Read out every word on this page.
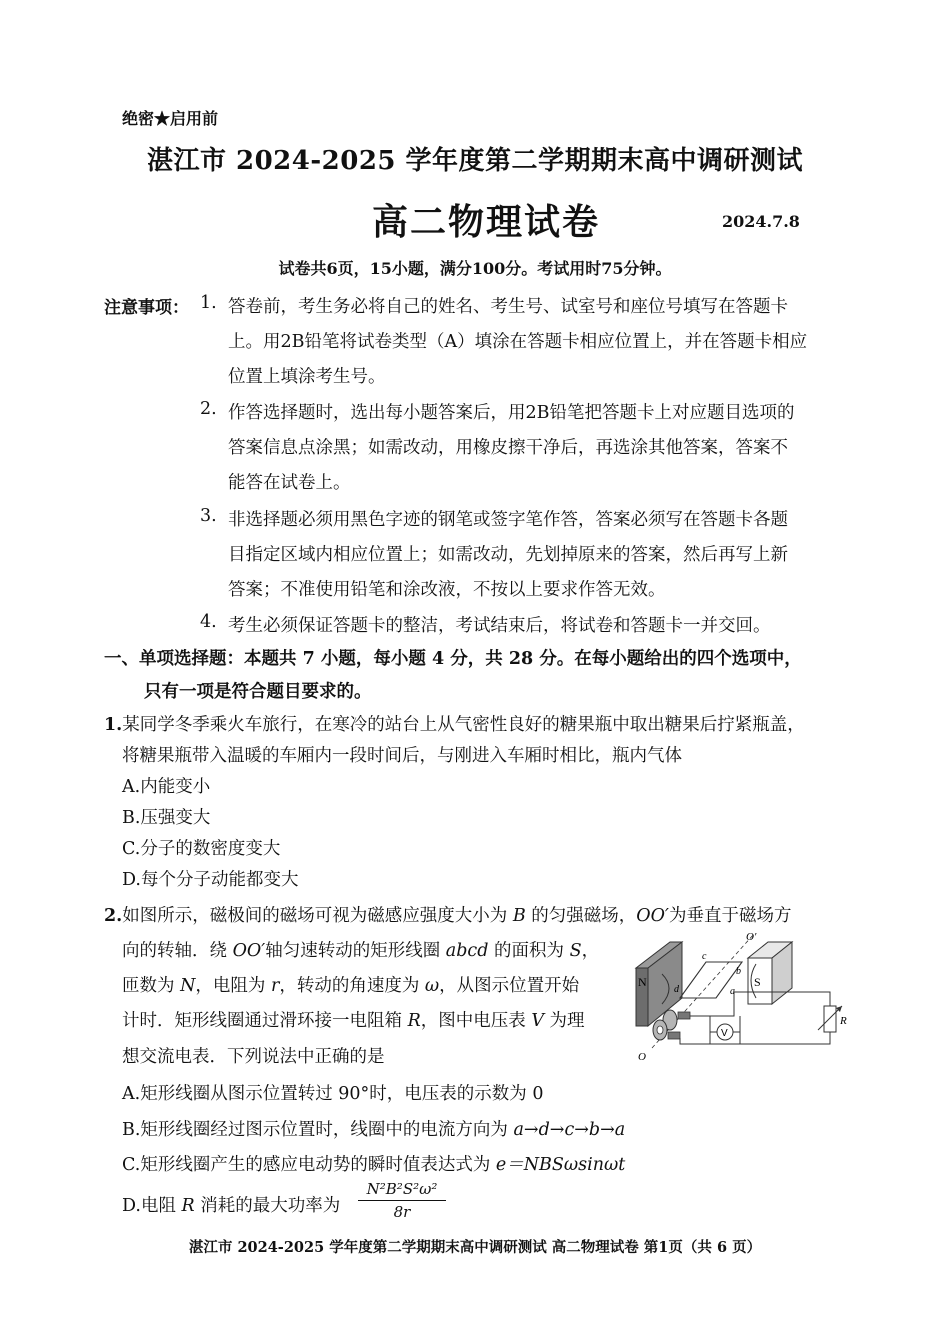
绝密★启用前
湛江市 2024-2025 学年度第二学期期末高中调研测试
高二物理试卷	2024.7.8
试卷共6页，15小题，满分100分。考试用时75分钟。
注意事项： 1. 答卷前，考生务必将自己的姓名、考生号、试室号和座位号填写在答题卡
上。用2B铅笔将试卷类型（A）填涂在答题卡相应位置上，并在答题卡相应
位置上填涂考生号。
2. 作答选择题时，选出每小题答案后，用2B铅笔把答题卡上对应题目选项的
答案信息点涂黑；如需改动，用橡皮擦干净后，再选涂其他答案，答案不
能答在试卷上。
3. 非选择题必须用黑色字迹的钢笔或签字笔作答，答案必须写在答题卡各题
目指定区域内相应位置上；如需改动，先划掉原来的答案，然后再写上新
答案；不准使用铅笔和涂改液，不按以上要求作答无效。
4. 考生必须保证答题卡的整洁，考试结束后，将试卷和答题卡一并交回。
一、单项选择题：本题共 7 小题，每小题 4 分，共 28 分。在每小题给出的四个选项中，
只有一项是符合题目要求的。
1.某同学冬季乘火车旅行，在寒冷的站台上从气密性良好的糖果瓶中取出糖果后拧紧瓶盖，
将糖果瓶带入温暖的车厢内一段时间后，与刚进入车厢时相比，瓶内气体
A.内能变小
B.压强变大
C.分子的数密度变大
D.每个分子动能都变大
2.如图所示，磁极间的磁场可视为磁感应强度大小为 B 的匀强磁场，OO′为垂直于磁场方
向的转轴．绕 OO′轴匀速转动的矩形线圈 abcd 的面积为 S，
匝数为 N，电阻为 r，转动的角速度为 ω，从图示位置开始
计时．矩形线圈通过滑环接一电阻箱 R，图中电压表 V 为理
想交流电表．下列说法中正确的是
A.矩形线圈从图示位置转过 90°时，电压表的示数为 0
B.矩形线圈经过图示位置时，线圈中的电流方向为 a→d→c→b→a
C.矩形线圈产生的感应电动势的瞬时值表达式为 e＝NBSωsinωt
D.电阻 R 消耗的最大功率为
N²B²S²ω²
8r
N	S
O′
O
c
b
a
d
V
R
湛江市 2024-2025 学年度第二学期期末高中调研测试 高二物理试卷 第1页（共 6 页）
